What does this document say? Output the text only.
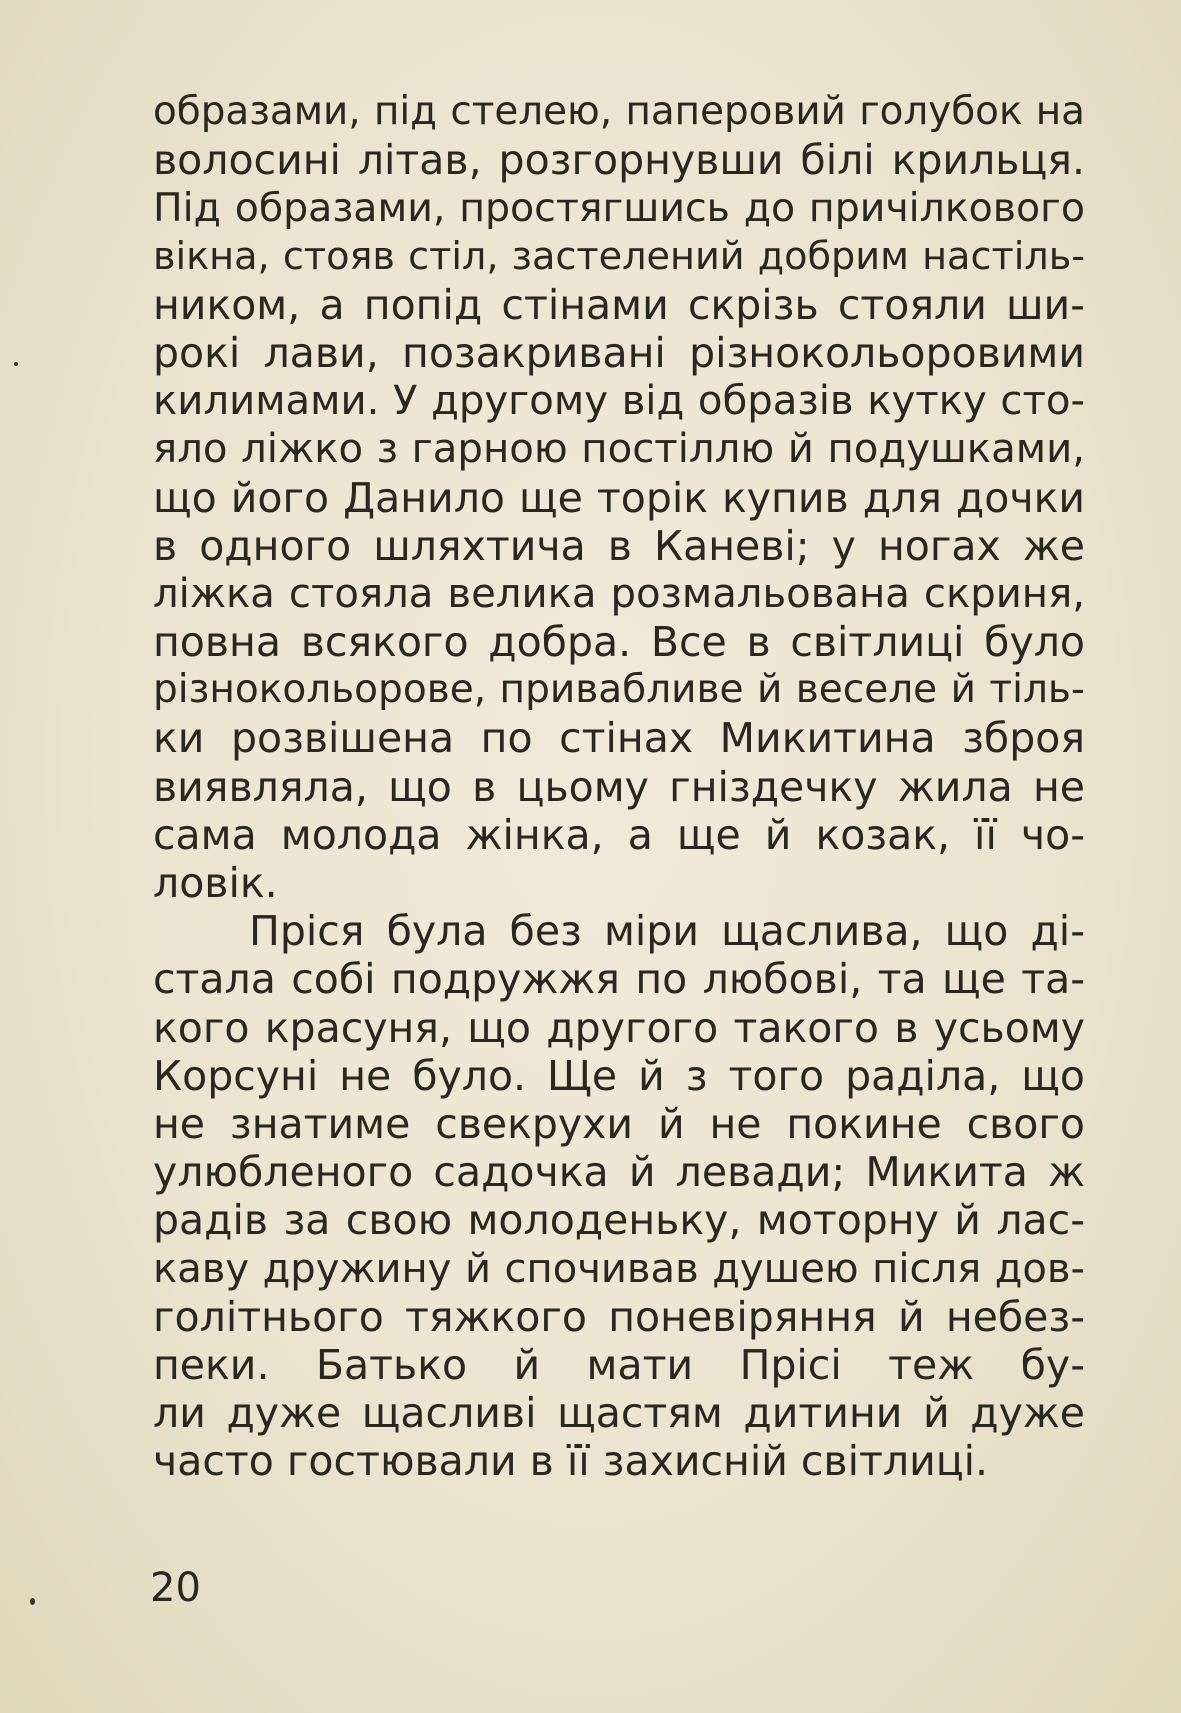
образами, під стелею, паперовий голубок на
волосині літав, розгорнувши білі крильця.
Під образами, простягшись до причілкового
вікна, стояв стіл, застелений добрим настіль-
ником, а попід стінами скрізь стояли ши-
рокі лави, позакривані різнокольоровими
килимами. У другому від образів кутку сто-
яло ліжко з гарною постіллю й подушками,
що його Данило ще торік купив для дочки
в одного шляхтича в Каневі; у ногах же
ліжка стояла велика розмальована скриня,
повна всякого добра. Все в світлиці було
різнокольорове, привабливе й веселе й тіль-
ки розвішена по стінах Микитина зброя
виявляла, що в цьому гніздечку жила не
сама молода жінка, а ще й козак, її чо-
ловік.
Пріся була без міри щаслива, що ді-
стала собі подружжя по любові, та ще та-
кого красуня, що другого такого в усьому
Корсуні не було. Ще й з того раділа, що
не знатиме свекрухи й не покине свого
улюбленого садочка й левади; Микита ж
радів за свою молоденьку, моторну й лас-
каву дружину й спочивав душею після дов-
голітнього тяжкого поневіряння й небез-
пеки. Батько й мати Прісі теж бу-
ли дуже щасливі щастям дитини й дуже
часто гостювали в її захисній світлиці.
20
